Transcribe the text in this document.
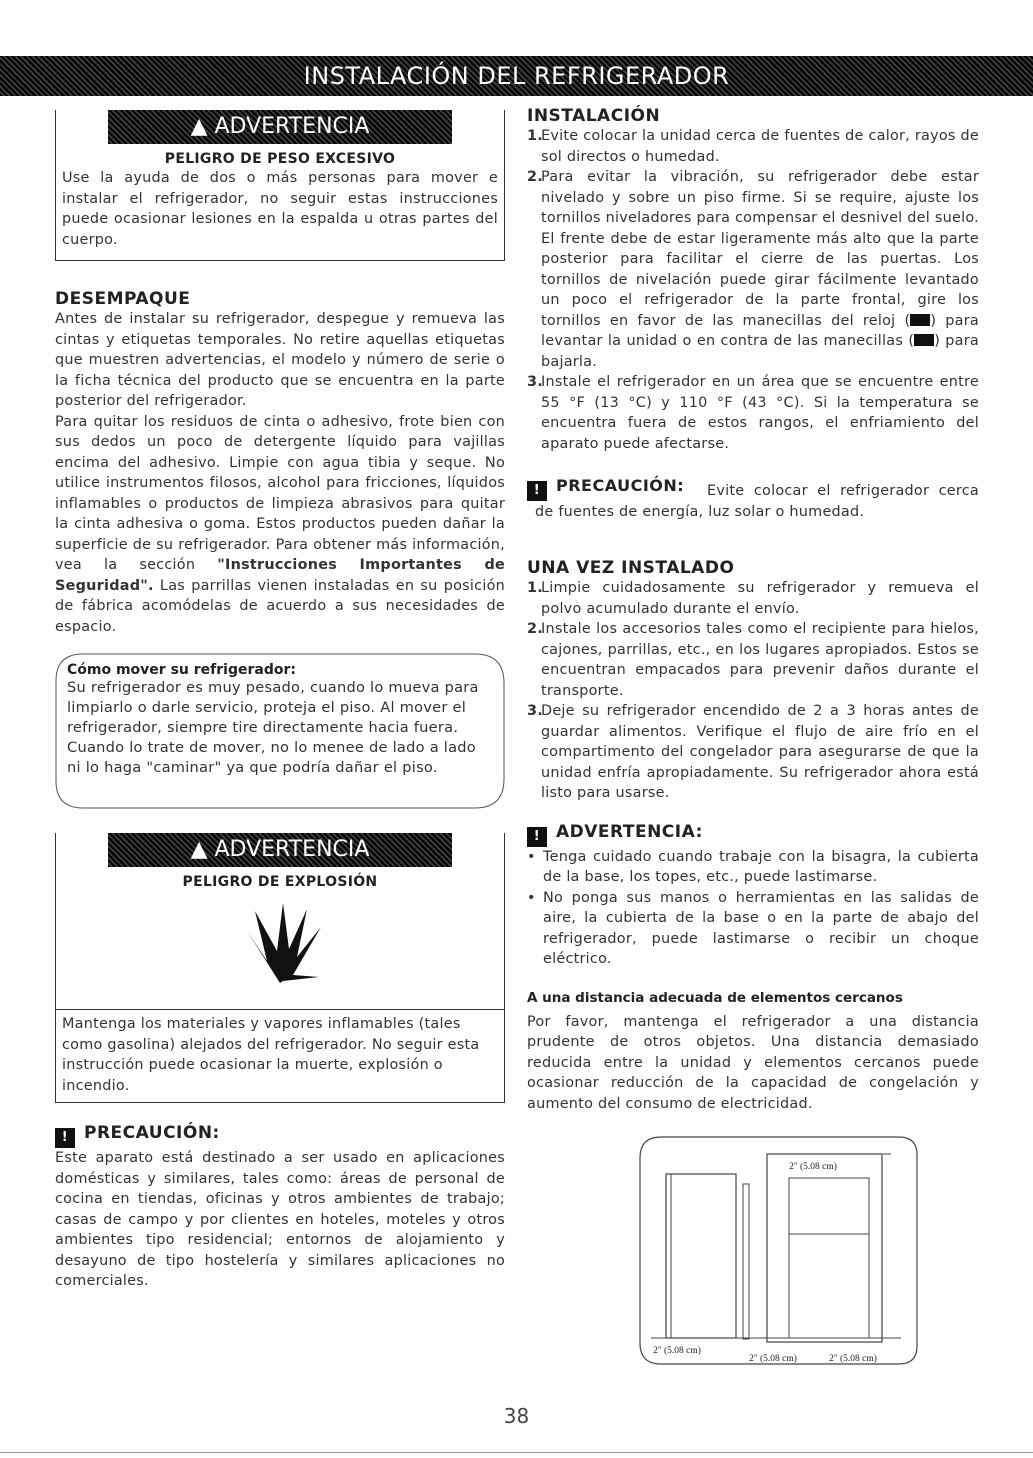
INSTALACIÓN DEL REFRIGERADOR
▲ ADVERTENCIA
PELIGRO DE PESO EXCESIVO

Use la ayuda de dos o más personas para mover e instalar el refrigerador, no seguir estas instrucciones puede ocasionar lesiones en la espalda u otras partes del cuerpo.

DESEMPAQUE

Antes de instalar su refrigerador, despegue y remueva las cintas y etiquetas temporales. No retire aquellas etiquetas que muestren advertencias, el modelo y número de serie o la ficha técnica del producto que se encuentra en la parte posterior del refrigerador.

Para quitar los residuos de cinta o adhesivo, frote bien con sus dedos un poco de detergente líquido para vajillas encima del adhesivo. Limpie con agua tibia y seque. No utilice instrumentos filosos, alcohol para fricciones, líquidos inflamables o productos de limpieza abrasivos para quitar la cinta adhesiva o goma. Estos productos pueden dañar la superficie de su refrigerador. Para obtener más información, vea la sección "Instrucciones Importantes de Seguridad". Las parrillas vienen instaladas en su posición de fábrica acomódelas de acuerdo a sus necesidades de espacio.

Cómo mover su refrigerador:

Su refrigerador es muy pesado, cuando lo mueva para limpiarlo o darle servicio, proteja el piso. Al mover el refrigerador, siempre tire directamente hacia fuera. Cuando lo trate de mover, no lo menee de lado a lado ni lo haga "caminar" ya que podría dañar el piso.

▲ ADVERTENCIA
PELIGRO DE EXPLOSIÓN

Mantenga los materiales y vapores inflamables (tales como gasolina) alejados del refrigerador. No seguir esta instrucción puede ocasionar la muerte, explosión o incendio.

! PRECAUCIÓN:

Este aparato está destinado a ser usado en aplicaciones domésticas y similares, tales como: áreas de personal de cocina en tiendas, oficinas y otros ambientes de trabajo; casas de campo y por clientes en hoteles, moteles y otros ambientes tipo residencial; entornos de alojamiento y desayuno de tipo hostelería y similares aplicaciones no comerciales.

INSTALACIÓN
1.
Evite colocar la unidad cerca de fuentes de calor, rayos de sol directos o humedad.
2.
Para evitar la vibración, su refrigerador debe estar nivelado y sobre un piso firme. Si se require, ajuste los tornillos niveladores para compensar el desnivel del suelo. El frente debe de estar ligeramente más alto que la parte posterior para facilitar el cierre de las puertas. Los tornillos de nivelación puede girar fácilmente levantado un poco el refrigerador de la parte frontal, gire los tornillos en favor de las manecillas del reloj ( ) para levantar la unidad o en contra de las manecillas ( ) para bajarla.
3.
Instale el refrigerador en un área que se encuentre entre 55 °F (13 °C) y 110 °F (43 °C). Si la temperatura se encuentra fuera de estos rangos, el enfriamiento del aparato puede afectarse.
! PRECAUCIÓN:	Evite colocar el refrigerador cerca de fuentes de energía, luz solar o humedad.

UNA VEZ INSTALADO
1.
Limpie cuidadosamente su refrigerador y remueva el polvo acumulado durante el envío.
2.
Instale los accesorios tales como el recipiente para hielos, cajones, parrillas, etc., en los lugares apropiados. Estos se encuentran empacados para prevenir daños durante el transporte.
3.
Deje su refrigerador encendido de 2 a 3 horas antes de guardar alimentos. Verifique el flujo de aire frío en el compartimento del congelador para asegurarse de que la unidad enfría apropiadamente. Su refrigerador ahora está listo para usarse.
! ADVERTENCIA:
• Tenga cuidado cuando trabaje con la bisagra, la cubierta de la base, los topes, etc., puede lastimarse.
• No ponga sus manos o herramientas en las salidas de aire, la cubierta de la base o en la parte de abajo del refrigerador, puede lastimarse o recibir un choque eléctrico.
A una distancia adecuada de elementos cercanos

Por favor, mantenga el refrigerador a una distancia prudente de otros objetos. Una distancia demasiado reducida entre la unidad y elementos cercanos puede ocasionar reducción de la capacidad de congelación y aumento del consumo de electricidad.

2" (5.08 cm)
2" (5.08 cm)
2" (5.08 cm)	2" (5.08 cm)
38
